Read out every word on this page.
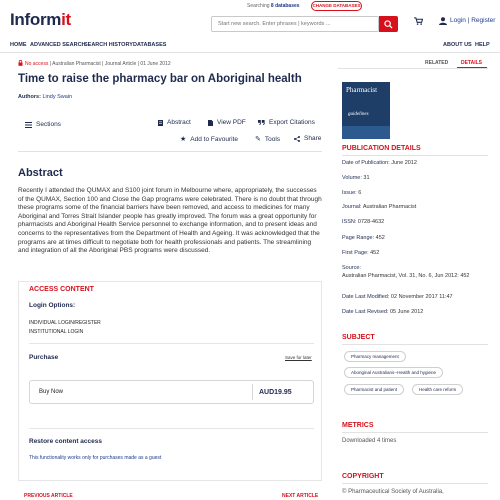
Informit
Searching 8 databases	CHANGE DATABASES
Start new search. Enter phrases | keywords ...
Login | Register
HOME ADVANCED SEARCH
SEARCH HISTORY DATABASES	ABOUT US HELP
No access | Australian Pharmacist | Journal Article | 01 June 2012
Time to raise the pharmacy bar on Aboriginal health
Authors: Lindy Swain
Sections	Abstract	View PDF	Export Citations
★ Add to Favourite ✎ Tools	Share
Abstract
Recently I attended the QUMAX and S100 joint forum in Melbourne where, appropriately, the successes of the QUMAX, Section 100 and Close the Gap programs were celebrated. There is no doubt that through these programs some of the financial barriers have been removed, and access to medicines for many Aboriginal and Torres Strait Islander people has greatly improved. The forum was a great opportunity for pharmacists and Aboriginal Health Service personnel to exchange information, and to present ideas and concerns to the representatives from the Department of Health and Ageing. It was acknowledged that the programs are at times difficult to negotiate both for health professionals and patients. The streamlining and integration of all the Aboriginal PBS programs were discussed.
ACCESS CONTENT
Login Options:
INDIVIDUAL LOGIN/REGISTER
INSTITUTIONAL LOGIN
Purchase	Save for later
Buy Now	AUD19.95
Restore content access
This functionality works only for purchases made as a guest
PREVIOUS ARTICLE	NEXT ARTICLE
RELATED	DETAILS
Pharmacist
guidelines
PUBLICATION DETAILS
Date of Publication: June 2012
Volume: 31
Issue: 6
Journal: Australian Pharmacist
ISSN: 0728-4632
Page Range: 452
First Page: 452
Source:
Australian Pharmacist, Vol. 31, No. 6, Jun 2012: 452
Date Last Modified: 02 November 2017 11:47
Date Last Revised: 05 June 2012
SUBJECT
Pharmacy management
Aboriginal Australians--Health and hygiene
Pharmacist and patient	Health care reform
METRICS
Downloaded 4 times
COPYRIGHT
© Pharmaceutical Society of Australia,
